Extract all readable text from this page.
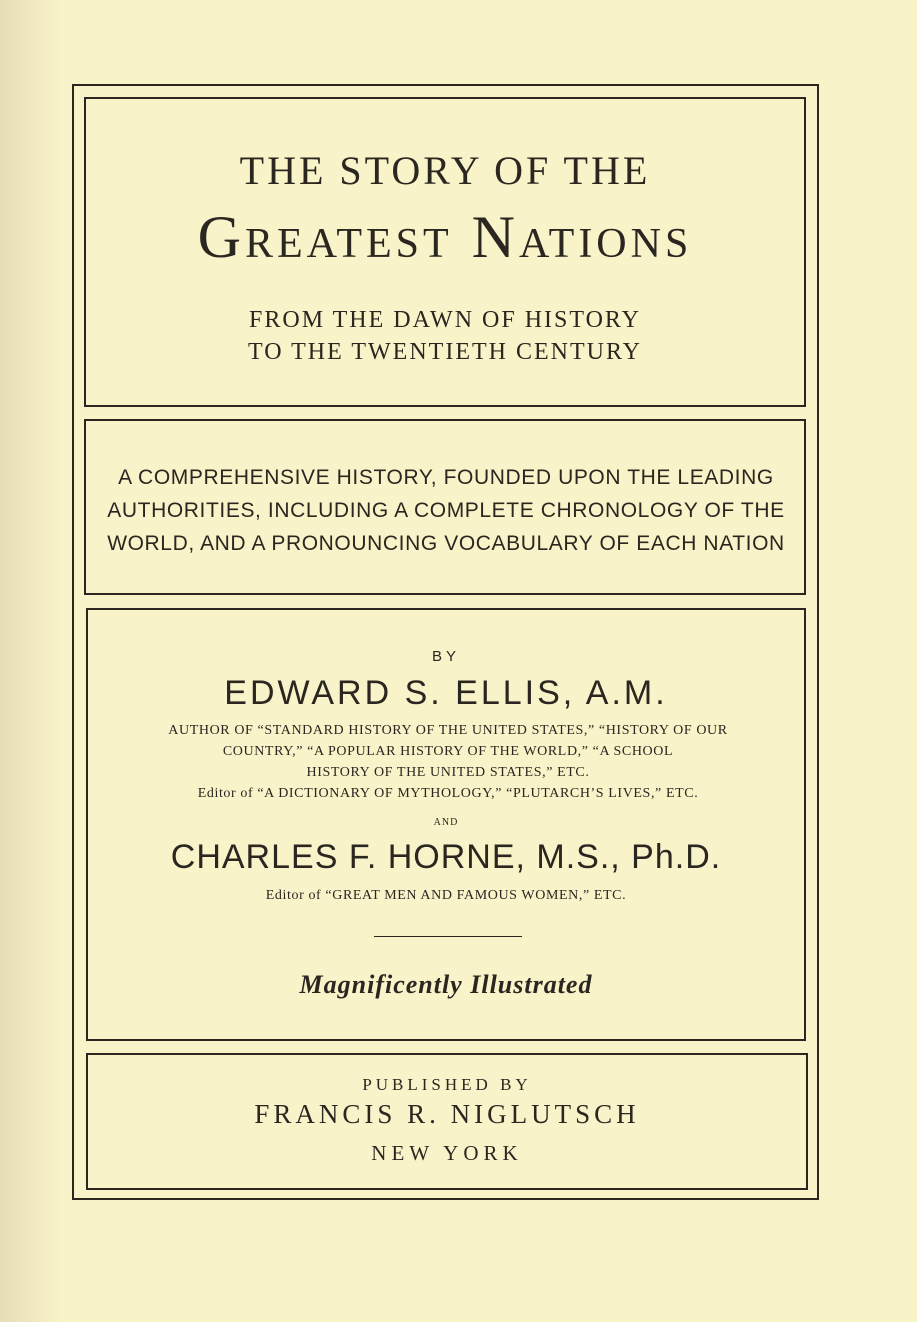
THE STORY OF THE
Greatest Nations
FROM THE DAWN OF HISTORY
TO THE TWENTIETH CENTURY
A COMPREHENSIVE HISTORY, FOUNDED UPON THE LEADING AUTHORITIES, INCLUDING A COMPLETE CHRONOLOGY OF THE WORLD, AND A PRONOUNCING VOCABULARY OF EACH NATION
BY
EDWARD S. ELLIS, A.M.
AUTHOR OF “STANDARD HISTORY OF THE UNITED STATES,” “HISTORY OF OUR
COUNTRY,” “A POPULAR HISTORY OF THE WORLD,” “A SCHOOL
HISTORY OF THE UNITED STATES,” ETC.
Editor of “A DICTIONARY OF MYTHOLOGY,” “PLUTARCH’S LIVES,” ETC.
AND
CHARLES F. HORNE, M.S., Ph.D.
Editor of “GREAT MEN AND FAMOUS WOMEN,” ETC.
Magnificently Illustrated
PUBLISHED BY
FRANCIS R. NIGLUTSCH
NEW YORK
